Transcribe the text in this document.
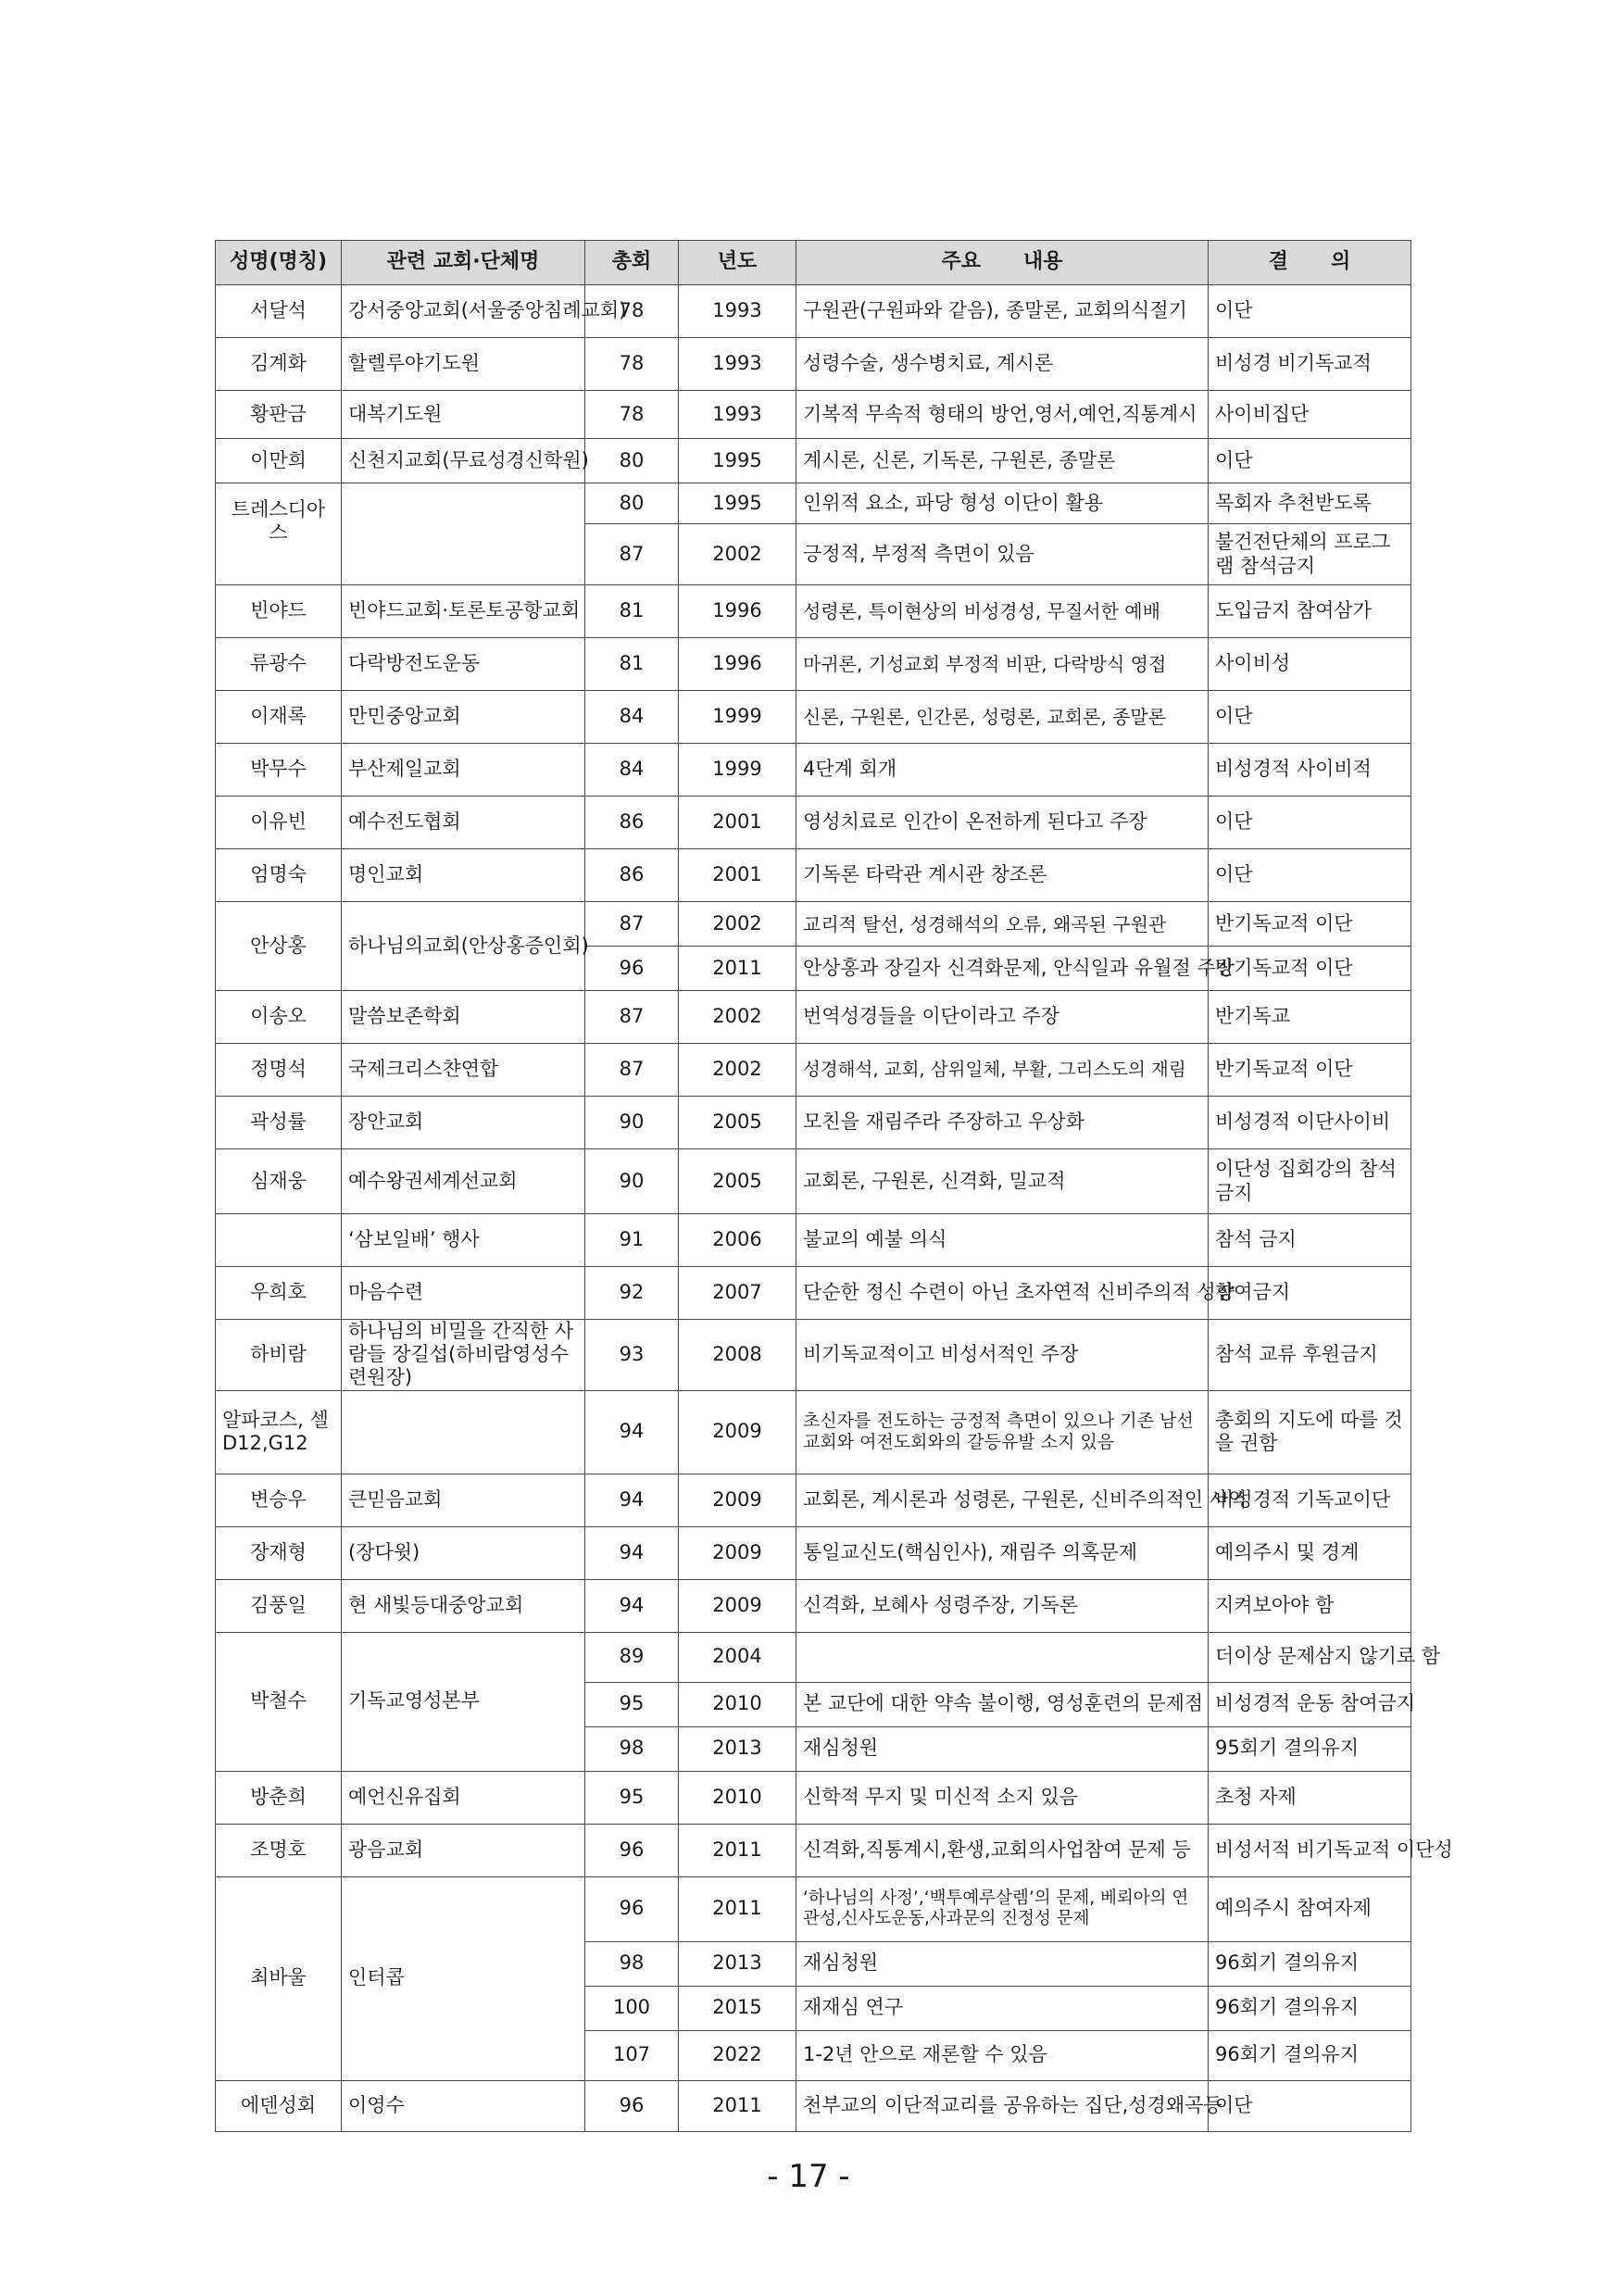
성명(명칭)	관련 교회·단체명	총회	년도	주요      내용	결      의
서달석	강서중앙교회(서울중앙침례교회)	78	1993	구원관(구원파와 같음), 종말론, 교회의식절기	이단
김계화	할렐루야기도원	78	1993	성령수술, 생수병치료, 계시론	비성경 비기독교적
황판금	대복기도원	78	1993	기복적 무속적 형태의 방언,영서,예언,직통계시	사이비집단
이만희	신천지교회(무료성경신학원)	80	1995	계시론, 신론, 기독론, 구원론, 종말론	이단
트레스디아스		80	1995	인위적 요소, 파당 형성 이단이 활용	목회자 추천받도록
		87	2002	긍정적, 부정적 측면이 있음	불건전단체의 프로그램 참석금지
빈야드	빈야드교회·토론토공항교회	81	1996	성령론, 특이현상의 비성경성, 무질서한 예배	도입금지 참여삼가
류광수	다락방전도운동	81	1996	마귀론, 기성교회 부정적 비판, 다락방식 영접	사이비성
이재록	만민중앙교회	84	1999	신론, 구원론, 인간론, 성령론, 교회론, 종말론	이단
박무수	부산제일교회	84	1999	4단계 회개	비성경적 사이비적
이유빈	예수전도협회	86	2001	영성치료로 인간이 온전하게 된다고 주장	이단
엄명숙	명인교회	86	2001	기독론 타락관 계시관 창조론	이단
안상홍	하나님의교회(안상홍증인회)	87	2002	교리적 탈선, 성경해석의 오류, 왜곡된 구원관	반기독교적 이단
		96	2011	안상홍과 장길자 신격화문제, 안식일과 유월절 주장	반기독교적 이단
이송오	말씀보존학회	87	2002	번역성경들을 이단이라고 주장	반기독교
정명석	국제크리스챤연합	87	2002	성경해석, 교회, 삼위일체, 부활, 그리스도의 재림	반기독교적 이단
곽성률	장안교회	90	2005	모친을 재림주라 주장하고 우상화	비성경적 이단사이비
심재웅	예수왕권세계선교회	90	2005	교회론, 구원론, 신격화, 밀교적	이단성 집회강의 참석금지
	‘삼보일배’ 행사	91	2006	불교의 예불 의식	참석 금지
우희호	마음수련	92	2007	단순한 정신 수련이 아닌 초자연적 신비주의적 성향	참여금지
하비람	하나님의 비밀을 간직한 사람들 장길섭(하비람영성수련원장)	93	2008	비기독교적이고 비성서적인 주장	참석 교류 후원금지
알파코스, 셀 D12,G12		94	2009	초신자를 전도하는 긍정적 측면이 있으나 기존 남선교회와 여전도회와의 갈등유발 소지 있음	총회의 지도에 따를 것을 권함
변승우	큰믿음교회	94	2009	교회론, 계시론과 성령론, 구원론, 신비주의적인 사역	비성경적 기독교이단
장재형	(장다윗)	94	2009	통일교신도(핵심인사), 재림주 의혹문제	예의주시 및 경계
김풍일	현 새빛등대중앙교회	94	2009	신격화, 보혜사 성령주장, 기독론	지켜보아야 함
박철수	기독교영성본부	89	2004		더이상 문제삼지 않기로 함
		95	2010	본 교단에 대한 약속 불이행, 영성훈련의 문제점	비성경적 운동 참여금지
		98	2013	재심청원	95회기 결의유지
방춘희	예언신유집회	95	2010	신학적 무지 및 미신적 소지 있음	초청 자제
조명호	광음교회	96	2011	신격화,직통계시,환생,교회의사업참여 문제 등	비성서적 비기독교적 이단성
최바울	인터콥	96	2011	‘하나님의 사정’,‘백투예루살렘’의 문제, 베뢰아의 연관성,신사도운동,사과문의 진정성 문제	예의주시 참여자제
		98	2013	재심청원	96회기 결의유지
		100	2015	재재심 연구	96회기 결의유지
		107	2022	1-2년 안으로 재론할 수 있음	96회기 결의유지
에덴성회	이영수	96	2011	천부교의 이단적교리를 공유하는 집단,성경왜곡등	이단
- 17 -
